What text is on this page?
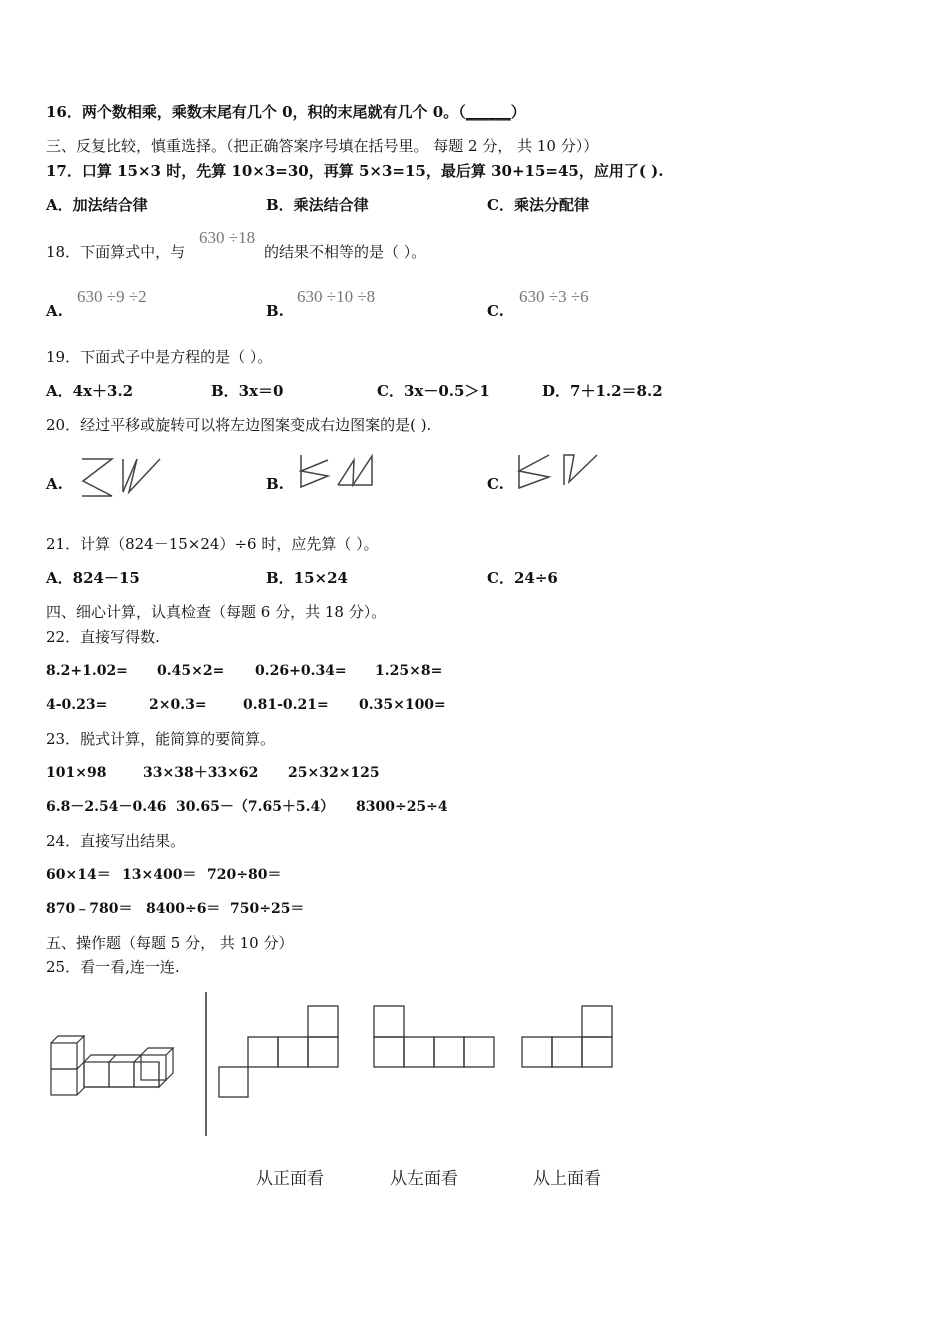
16．两个数相乘，乘数末尾有几个 0，积的末尾就有几个 0。（______）
三、反复比较，慎重选择。（把正确答案序号填在括号里。 每题 2 分， 共 10 分））
17．口算 15×3 时，先算 10×3=30，再算 5×3=15，最后算 30+15=45，应用了( ).
A．加法结合律	B．乘法结合律	C．乘法分配律
18．下面算式中，与
630 ÷18
的结果不相等的是（ ）。
A.
630 ÷9 ÷2
B.
630 ÷10 ÷8
C.
630 ÷3 ÷6
19．下面式子中是方程的是（ ）。
A．4x＋3.2	B．3x＝0	C．3x－0.5＞1	D．7＋1.2＝8.2
20．经过平移或旋转可以将左边图案变成右边图案的是( ).
A.	B.	C.
21．计算（824－15×24）÷6 时，应先算（ ）。
A．824－15	B．15×24	C．24÷6
四、细心计算，认真检查（每题 6 分，共 18 分）。
22．直接写得数.
8.2+1.02= 0.45×2= 0.26+0.34= 1.25×8=
4-0.23=	2×0.3=	0.81-0.21= 0.35×100=
23．脱式计算，能简算的要简算。
101×98	33×38＋33×62 25×32×125
6.8－2.54－0.46 30.65－（7.65＋5.4） 8300÷25÷4
24．直接写出结果。
60×14＝ 13×400＝ 720÷80＝
870﹣780＝ 8400÷6＝ 750÷25＝
五、操作题（每题 5 分， 共 10 分）
25．看一看,连一连.
从正面看	从左面看	从上面看
